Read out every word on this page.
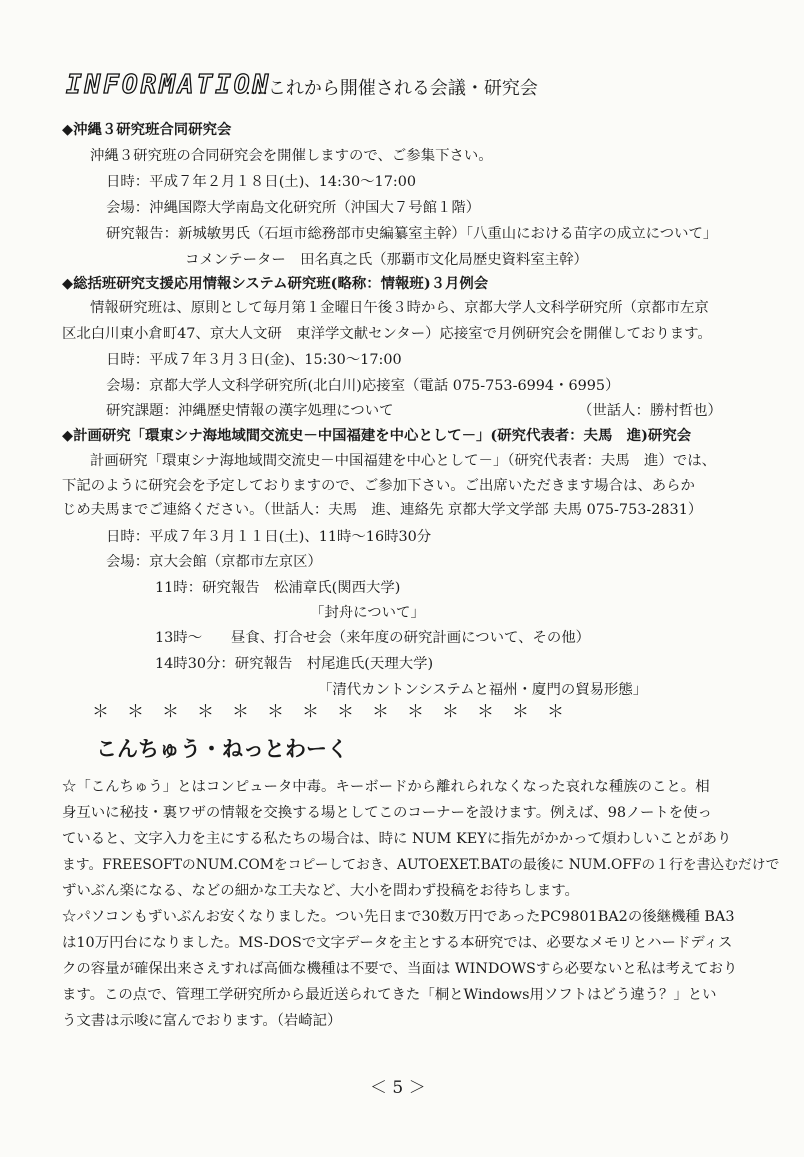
INFORMATION
....これから開催される会議・研究会
◆沖縄３研究班合同研究会
沖縄３研究班の合同研究会を開催しますので、ご参集下さい。
日時：平成７年２月１８日(土)、14:30～17:00
会場：沖縄国際大学南島文化研究所（沖国大７号館１階）
研究報告：新城敏男氏（石垣市総務部市史編纂室主幹）「八重山における苗字の成立について」
コメンテーター　田名真之氏（那覇市文化局歴史資料室主幹）
◆総括班研究支援応用情報システム研究班(略称：情報班)３月例会
情報研究班は、原則として毎月第１金曜日午後３時から、京都大学人文科学研究所（京都市左京
区北白川東小倉町47、京大人文研　東洋学文献センター）応接室で月例研究会を開催しております。
日時：平成７年３月３日(金)、15:30～17:00
会場：京都大学人文科学研究所(北白川)応接室（電話 075-753-6994・6995）
研究課題：沖縄歴史情報の漢字処理について	（世話人：勝村哲也）
◆計画研究「環東シナ海地域間交流史－中国福建を中心として－」(研究代表者：夫馬　進)研究会
計画研究「環東シナ海地域間交流史－中国福建を中心として－」（研究代表者：夫馬　進）では、
下記のように研究会を予定しておりますので、ご参加下さい。ご出席いただきます場合は、あらか
じめ夫馬までご連絡ください。（世話人：夫馬　進、連絡先 京都大学文学部 夫馬 075-753-2831）
日時：平成７年３月１１日(土)、11時～16時30分
会場：京大会館（京都市左京区）
11時：研究報告　松浦章氏(関西大学)
「封舟について」
13時～　　昼食、打合せ会（来年度の研究計画について、その他）
14時30分：研究報告　村尾進氏(天理大学)
「清代カントンシステムと福州・廈門の貿易形態」
＊　＊　＊　＊　＊　＊　＊　＊　＊　＊　＊　＊　＊　＊
こんちゅう・ねっとわーく
☆「こんちゅう」とはコンピュータ中毒。キーボードから離れられなくなった哀れな種族のこと。相
身互いに秘技・裏ワザの情報を交換する場としてこのコーナーを設けます。例えば、98ノートを使っ
ていると、文字入力を主にする私たちの場合は、時に NUM KEYに指先がかかって煩わしいことがあり
ます。FREESOFTのNUM.COMをコピーしておき、AUTOEXET.BATの最後に NUM.OFFの１行を書込むだけで
ずいぶん楽になる、などの細かな工夫など、大小を問わず投稿をお待ちします。
☆パソコンもずいぶんお安くなりました。つい先日まで30数万円であったPC9801BA2の後継機種 BA3
は10万円台になりました。MS-DOSで文字データを主とする本研究では、必要なメモリとハードディス
クの容量が確保出来さえすれば高価な機種は不要で、当面は WINDOWSすら必要ないと私は考えており
ます。この点で、管理工学研究所から最近送られてきた「桐とWindows用ソフトはどう違う？」とい
う文書は示唆に富んでおります。（岩崎記）
＜ 5 ＞
